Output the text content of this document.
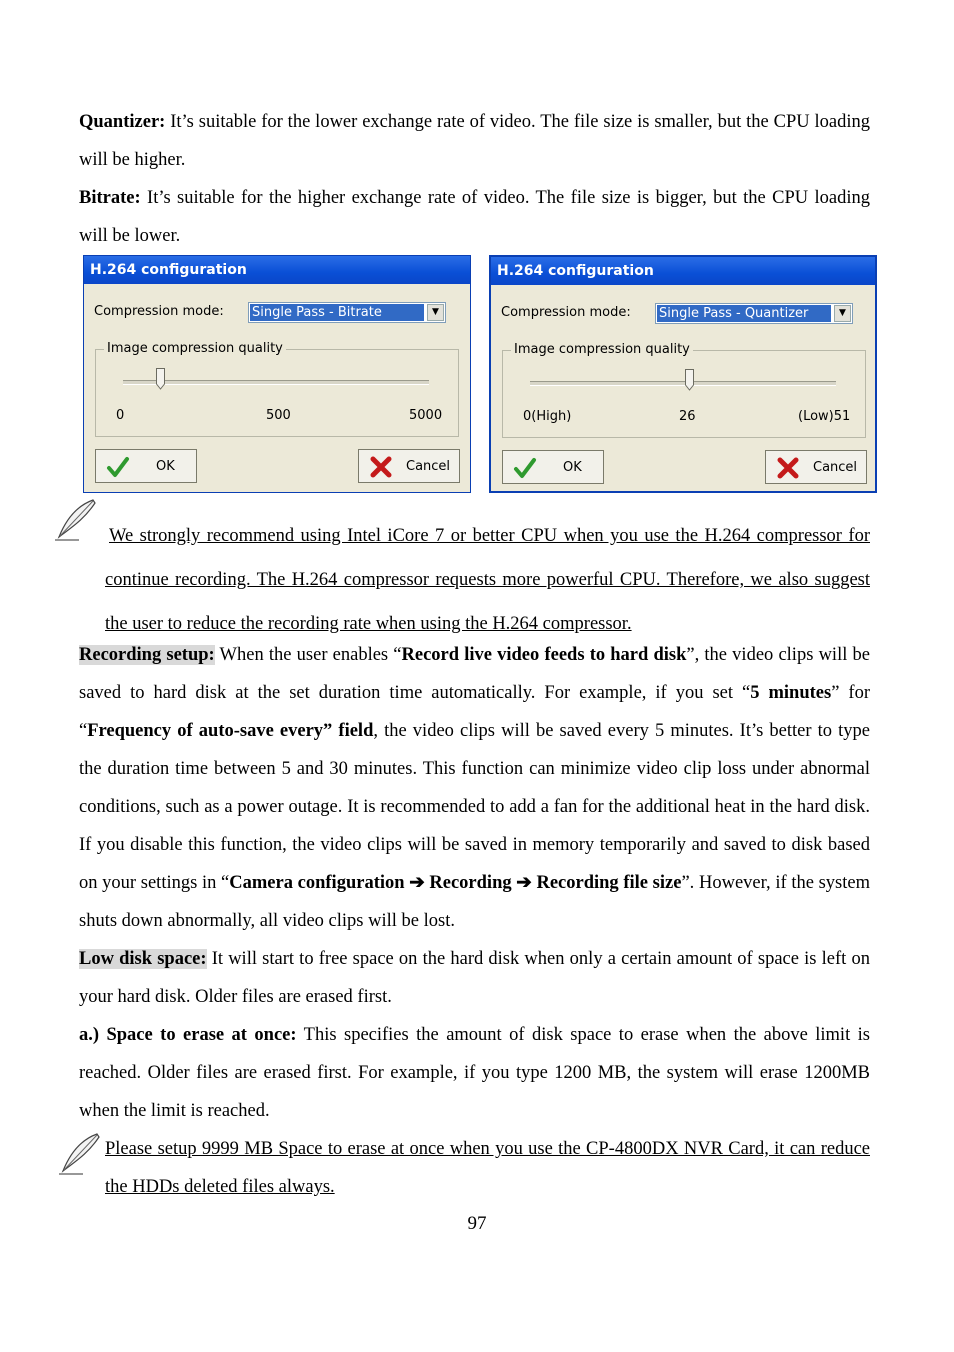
Quantizer: It’s suitable for the lower exchange rate of video. The file size is smaller, but the CPU loading will be higher.

Bitrate: It’s suitable for the higher exchange rate of video. The file size is bigger, but the CPU loading will be lower.

H.264 configuration
Compression mode: Single Pass - Bitrate	▼
Image compression quality
0	500	5000
OK	Cancel
H.264 configuration
Compression mode: Single Pass - Quantizer	▼
Image compression quality
0(High)	26	(Low)51
OK	Cancel

We strongly recommend using Intel iCore 7 or better CPU when you use the H.264 compressor for continue recording. The H.264 compressor requests more powerful CPU. Therefore, we also suggest the user to reduce the recording rate when using the H.264 compressor.

Recording setup: When the user enables “Record live video feeds to hard disk”, the video clips will be saved to hard disk at the set duration time automatically. For example, if you set “5 minutes” for “Frequency of auto-save every” field, the video clips will be saved every 5 minutes. It’s better to type the duration time between 5 and 30 minutes. This function can minimize video clip loss under abnormal conditions, such as a power outage. It is recommended to add a fan for the additional heat in the hard disk. If you disable this function, the video clips will be saved in memory temporarily and saved to disk based on your settings in “Camera configuration ➔ Recording ➔ Recording file size”. However, if the system shuts down abnormally, all video clips will be lost.

Low disk space: It will start to free space on the hard disk when only a certain amount of space is left on your hard disk. Older files are erased first.

a.) Space to erase at once: This specifies the amount of disk space to erase when the above limit is reached. Older files are erased first. For example, if you type 1200 MB, the system will erase 1200MB when the limit is reached.

Please setup 9999 MB Space to erase at once when you use the CP-4800DX NVR Card, it can reduce the HDDs deleted files always.

97
